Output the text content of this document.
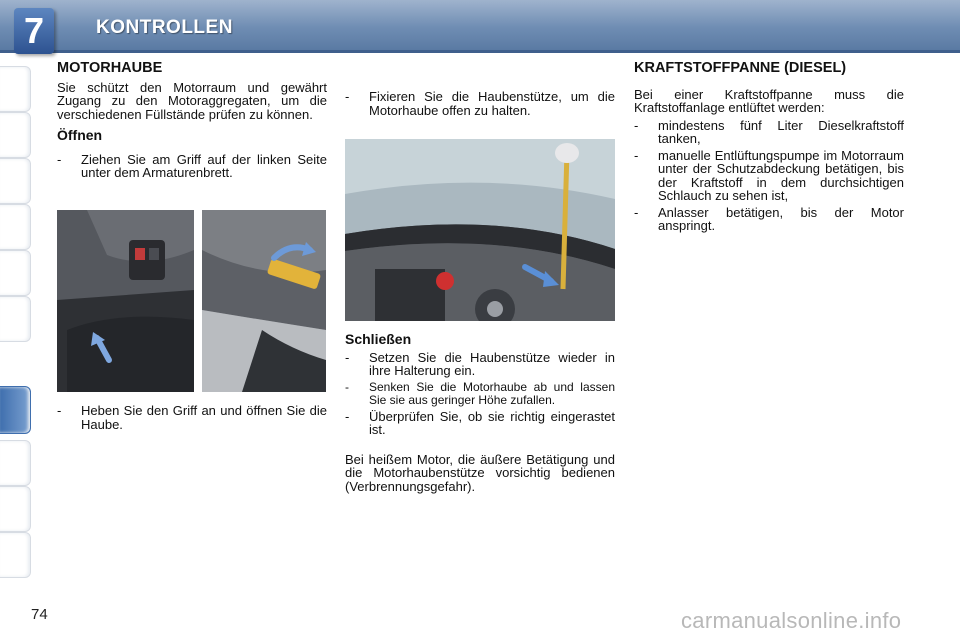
7	KONTROLLEN
MOTORHAUBE

Sie schützt den Motorraum und gewährt Zugang zu den Motoraggregaten, um die verschiedenen Füllstände prüfen zu können.

Öffnen
- Ziehen Sie am Griff auf der linken Seite unter dem Armaturenbrett.
- Heben Sie den Griff an und öffnen Sie die Haube.
- Fixieren Sie die Haubenstütze, um die Motorhaube offen zu halten.
Schließen
- Setzen Sie die Haubenstütze wieder in ihre Halterung ein.
- Senken Sie die Motorhaube ab und lassen Sie sie aus geringer Höhe zufallen.
- Überprüfen Sie, ob sie richtig eingerastet ist.

Bei heißem Motor, die äußere Betätigung und die Motorhaubenstütze vorsichtig bedienen (Verbrennungsgefahr).

KRAFTSTOFFPANNE (DIESEL)

Bei einer Kraftstoffpanne muss die Kraftstoffanlage entlüftet werden:

- mindestens fünf Liter Dieselkraftstoff tanken,
- manuelle Entlüftungspumpe im Motorraum unter der Schutzabdeckung betätigen, bis der Kraftstoff in dem durchsichtigen Schlauch zu sehen ist,
- Anlasser betätigen, bis der Motor anspringt.
74	carmanualsonline.info
